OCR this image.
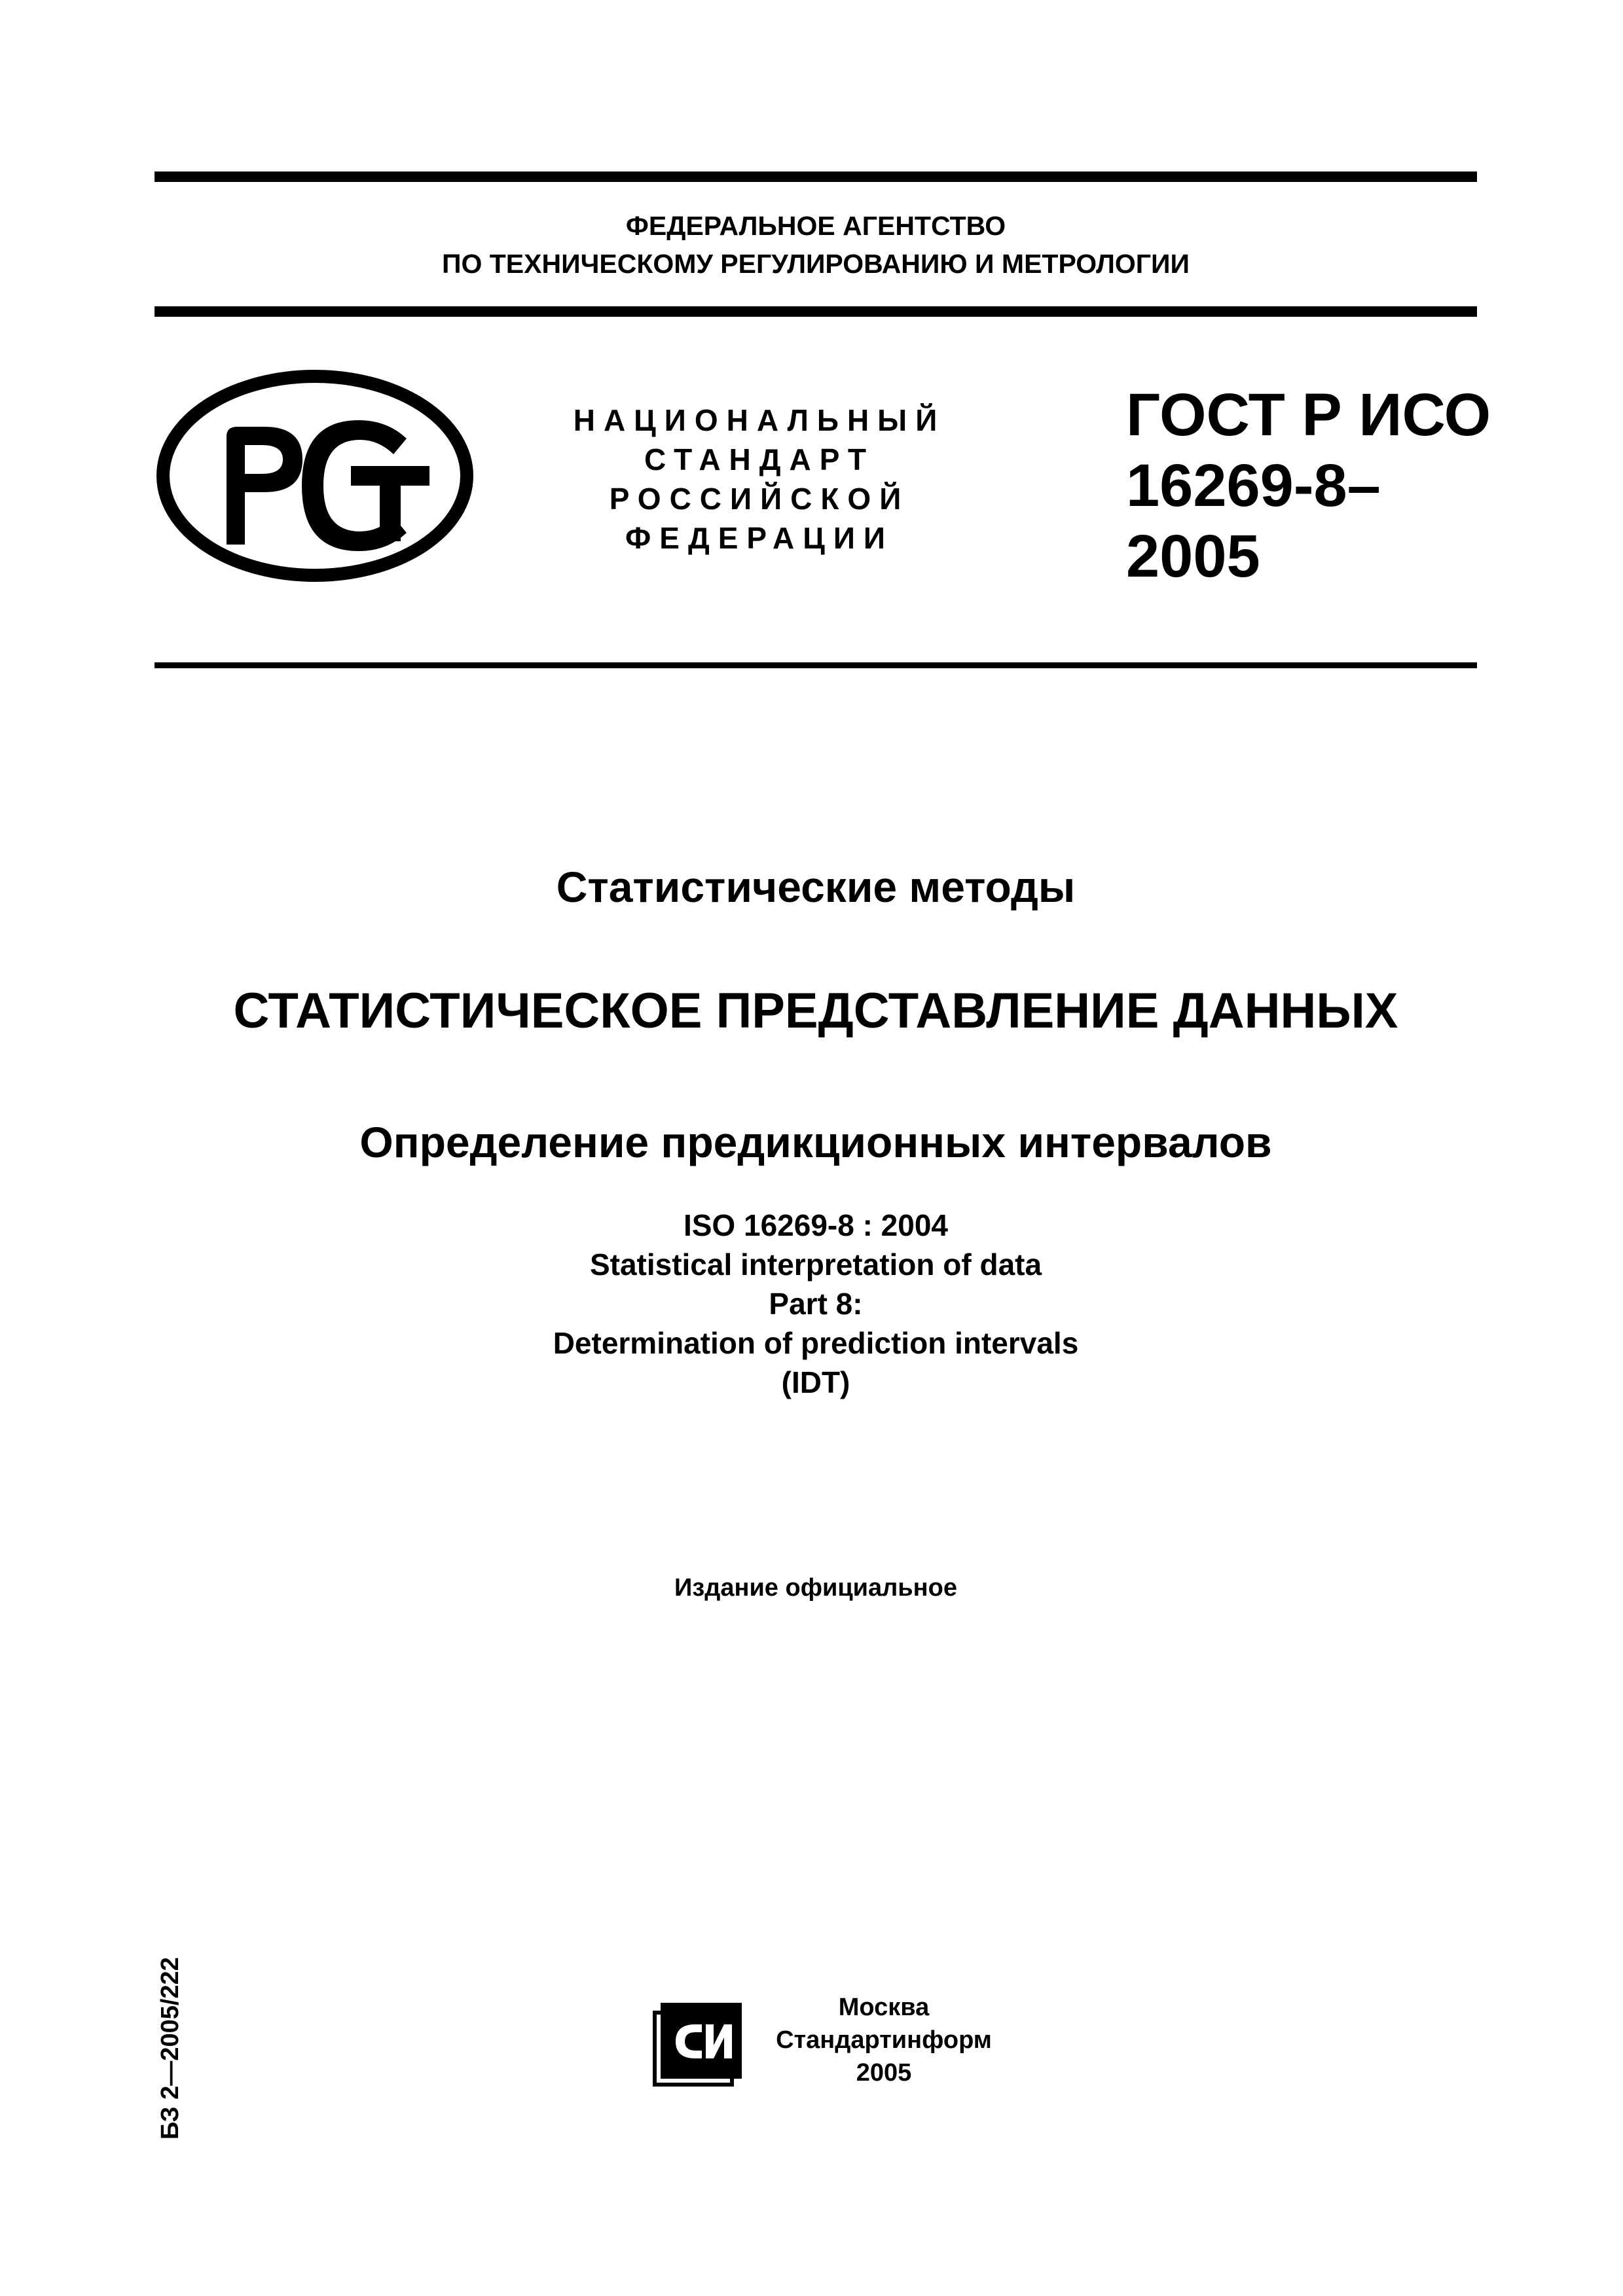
ФЕДЕРАЛЬНОЕ АГЕНТСТВО
ПО ТЕХНИЧЕСКОМУ РЕГУЛИРОВАНИЮ И МЕТРОЛОГИИ
РСТ
НАЦИОНАЛЬНЫЙ
СТАНДАРТ
РОССИЙСКОЙ
ФЕДЕРАЦИИ
ГОСТ Р ИСО
16269-8–
2005
Статистические методы
СТАТИСТИЧЕСКОЕ ПРЕДСТАВЛЕНИЕ ДАННЫХ
Определение предикционных интервалов
ISO 16269-8 : 2004
Statistical interpretation of data
Part 8:
Determination of prediction intervals
(IDT)
Издание официальное
БЗ 2—2005/222	СИ
Москва
Стандартинформ
2005
